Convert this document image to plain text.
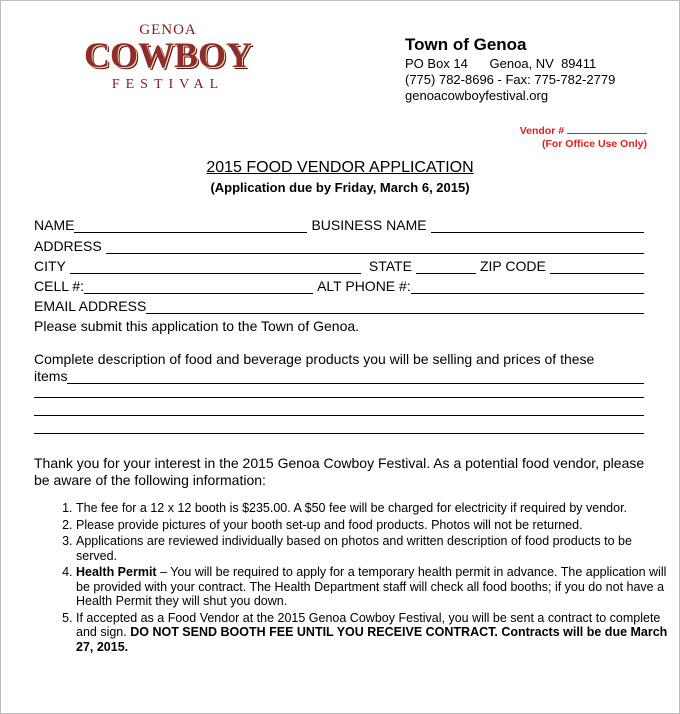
GENOA
COWBOY
FESTIVAL
Town of Genoa
PO Box 14      Genoa, NV  89411
(775) 782-8696 - Fax: 775-782-2779
genoacowboyfestival.org
Vendor #
(For Office Use Only)
2015 FOOD VENDOR APPLICATION
(Application due by Friday, March 6, 2015)
NAME	BUSINESS NAME
ADDRESS
CITY	STATE	ZIP CODE
CELL #:	ALT PHONE #:
EMAIL ADDRESS
Please submit this application to the Town of Genoa.
Complete description of food and beverage products you will be selling and prices of these
items
Thank you for your interest in the 2015 Genoa Cowboy Festival. As a potential food vendor, please be aware of the following information:
1. The fee for a 12 x 12 booth is $235.00. A $50 fee will be charged for electricity if required by vendor.
2. Please provide pictures of your booth set-up and food products. Photos will not be returned.
3. Applications are reviewed individually based on photos and written description of food products to be served.
4. Health Permit – You will be required to apply for a temporary health permit in advance. The application will be provided with your contract. The Health Department staff will check all food booths; if you do not have a Health Permit they will shut you down.
5. If accepted as a Food Vendor at the 2015 Genoa Cowboy Festival, you will be sent a contract to complete and sign. DO NOT SEND BOOTH FEE UNTIL YOU RECEIVE CONTRACT. Contracts will be due March 27, 2015.
